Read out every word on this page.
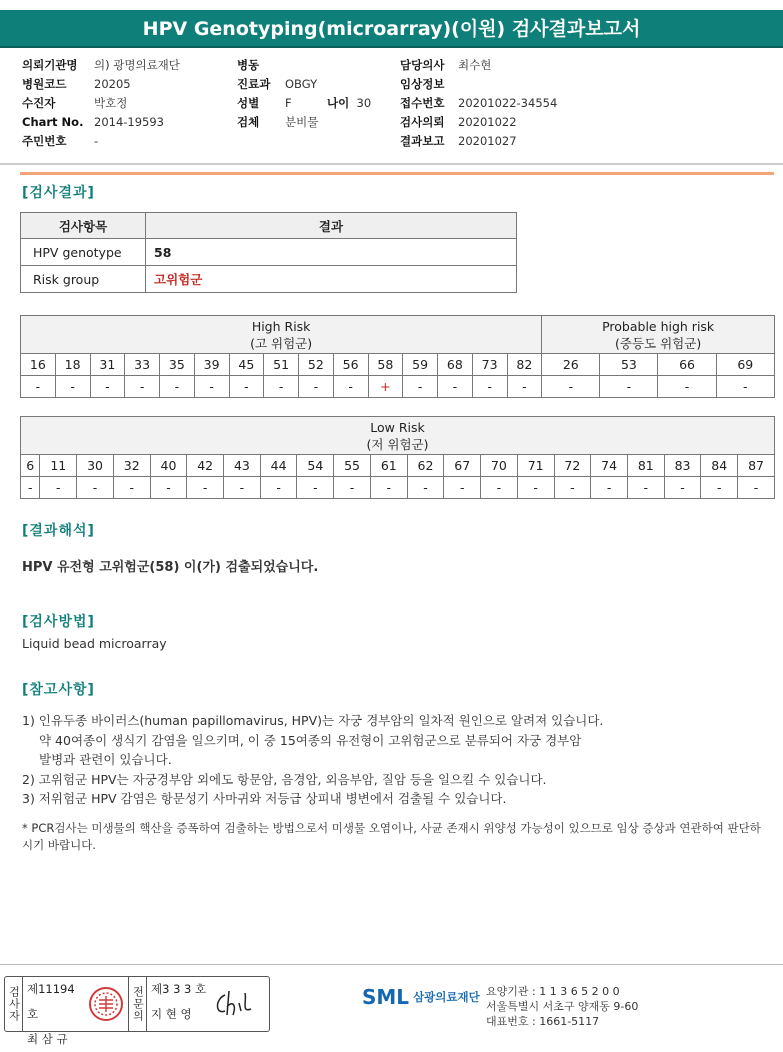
HPV Genotyping(microarray)(이원) 검사결과보고서
의뢰기관명	의) 광명의료재단
병원코드	20205
수진자	박호정
Chart No. 2014-19593
주민번호	-
병동
진료과	OBGY
성별	F
검체	분비물
나이 30
담당의사	최수현
임상정보
접수번호	20201022-34554
검사의뢰	20201022
결과보고	20201027
[검사결과]
검사항목	결과
HPV genotype	58
Risk group	고위험군
High Risk
(고 위험군)															Probable high risk
(중등도 위험군)			
16	18	31	33	35	39	45	51	52	56	58	59	68	73	82	26	53	66	69
-	-	-	-	-	-	-	-	-	-	+	-	-	-	-	-	-	-	-
Low Risk
(저 위험군)																				
6	11	30	32	40	42	43	44	54	55	61	62	67	70	71	72	74	81	83	84	87
-	-	-	-	-	-	-	-	-	-	-	-	-	-	-	-	-	-	-	-	-
[결과해석]
HPV 유전형 고위험군(58) 이(가) 검출되었습니다.
[검사방법]
Liquid bead microarray
[참고사항]
1) 인유두종 바이러스(human papillomavirus, HPV)는 자궁 경부암의 일차적 원인으로 알려져 있습니다.
약 40여종이 생식기 감염을 일으키며, 이 중 15여종의 유전형이 고위험군으로 분류되어 자궁 경부암
발병과 관련이 있습니다.
2) 고위험군 HPV는 자궁경부암 외에도 항문암, 음경암, 외음부암, 질암 등을 일으킬 수 있습니다.
3) 저위험군 HPV 감염은 항문성기 사마귀와 저등급 상피내 병변에서 검출될 수 있습니다.
* PCR검사는 미생물의 핵산을 증폭하여 검출하는 방법으로서 미생물 오염이나, 사균 존재시 위양성 가능성이 있으므로 임상 증상과 연관하여 판단하시기 바랍니다.
검사자 제11194호
최 삼 규
전문의 제3 3 3 호
지 현 영
SML 삼광의료재단 요양기관 : 1 1 3 6 5 2 0 0
서울특별시 서초구 양재동 9-60
대표번호 : 1661-5117
